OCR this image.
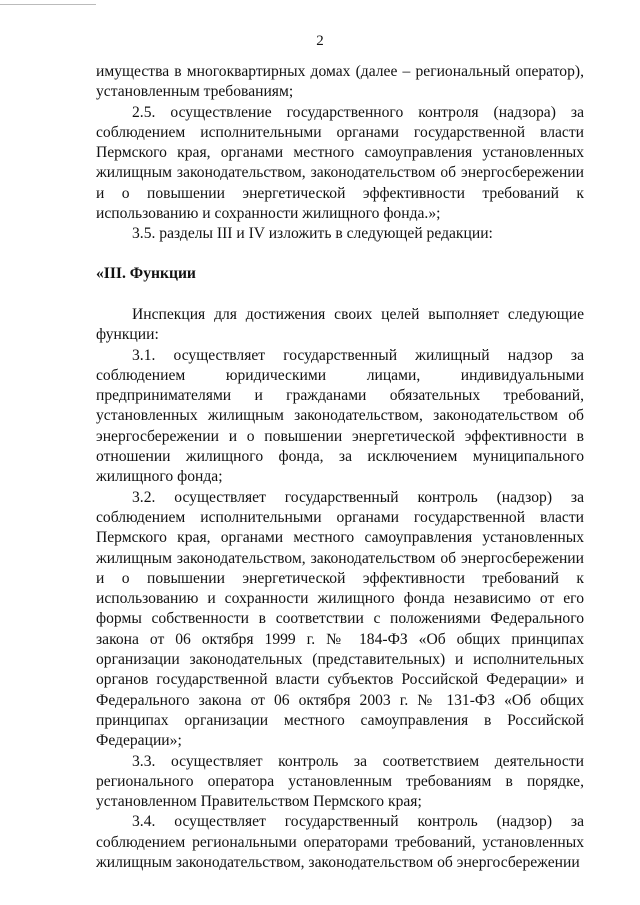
2

имущества в многоквартирных домах (далее – региональный оператор), установленным требованиям;

2.5. осуществление государственного контроля (надзора) за соблюдением исполнительными органами государственной власти Пермского края, органами местного самоуправления установленных жилищным законодательством, законодательством об энергосбережении и о повышении энергетической эффективности требований к использованию и сохранности жилищного фонда.»;

3.5. разделы III и IV изложить в следующей редакции:

«III. Функции

Инспекция для достижения своих целей выполняет следующие функции:

3.1. осуществляет государственный жилищный надзор за соблюдением юридическими лицами, индивидуальными предпринимателями и гражданами обязательных требований, установленных жилищным законодательством, законодательством об энергосбережении и о повышении энергетической эффективности в отношении жилищного фонда, за исключением муниципального жилищного фонда;

3.2. осуществляет государственный контроль (надзор) за соблюдением исполнительными органами государственной власти Пермского края, органами местного самоуправления установленных жилищным законодательством, законодательством об энергосбережении и о повышении энергетической эффективности требований к использованию и сохранности жилищного фонда независимо от его формы собственности в соответствии с положениями Федерального закона от 06 октября 1999 г. № 184-ФЗ «Об общих принципах организации законодательных (представительных) и исполнительных органов государственной власти субъектов Российской Федерации» и Федерального закона от 06 октября 2003 г. № 131-ФЗ «Об общих принципах организации местного самоуправления в Российской Федерации»;

3.3. осуществляет контроль за соответствием деятельности регионального оператора установленным требованиям в порядке, установленном Правительством Пермского края;

3.4. осуществляет государственный контроль (надзор) за соблюдением региональными операторами требований, установленных жилищным законодательством, законодательством об энергосбережении
